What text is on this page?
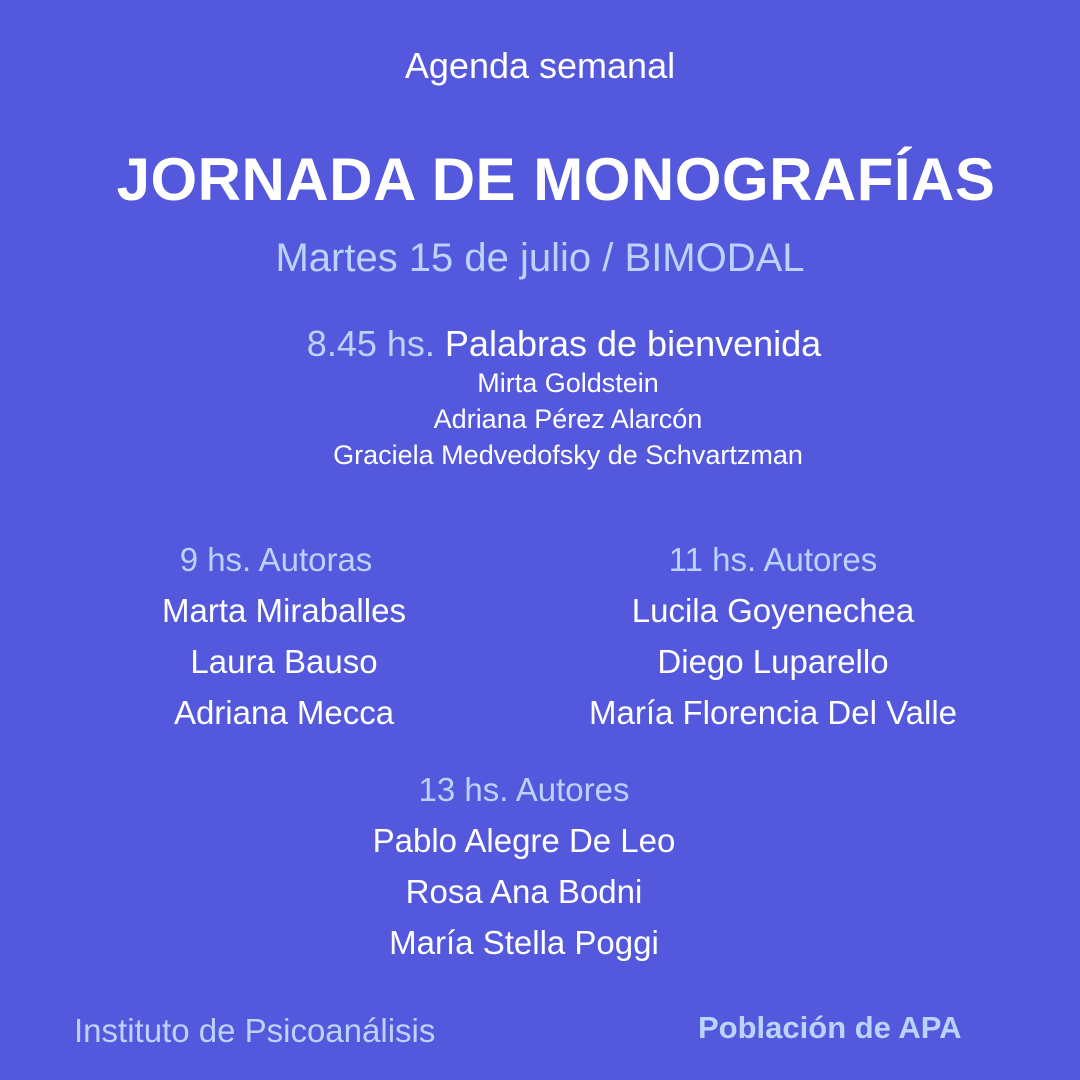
Agenda semanal
JORNADA DE MONOGRAFÍAS
Martes 15 de julio / BIMODAL
8.45 hs. Palabras de bienvenida
Mirta Goldstein
Adriana Pérez Alarcón
Graciela Medvedofsky de Schvartzman
9 hs. Autoras
Marta Miraballes
Laura Bauso
Adriana Mecca
11 hs. Autores
Lucila Goyenechea
Diego Luparello
María Florencia Del Valle
13 hs. Autores
Pablo Alegre De Leo
Rosa Ana Bodni
María Stella Poggi
Instituto de Psicoanálisis	Población de APA
